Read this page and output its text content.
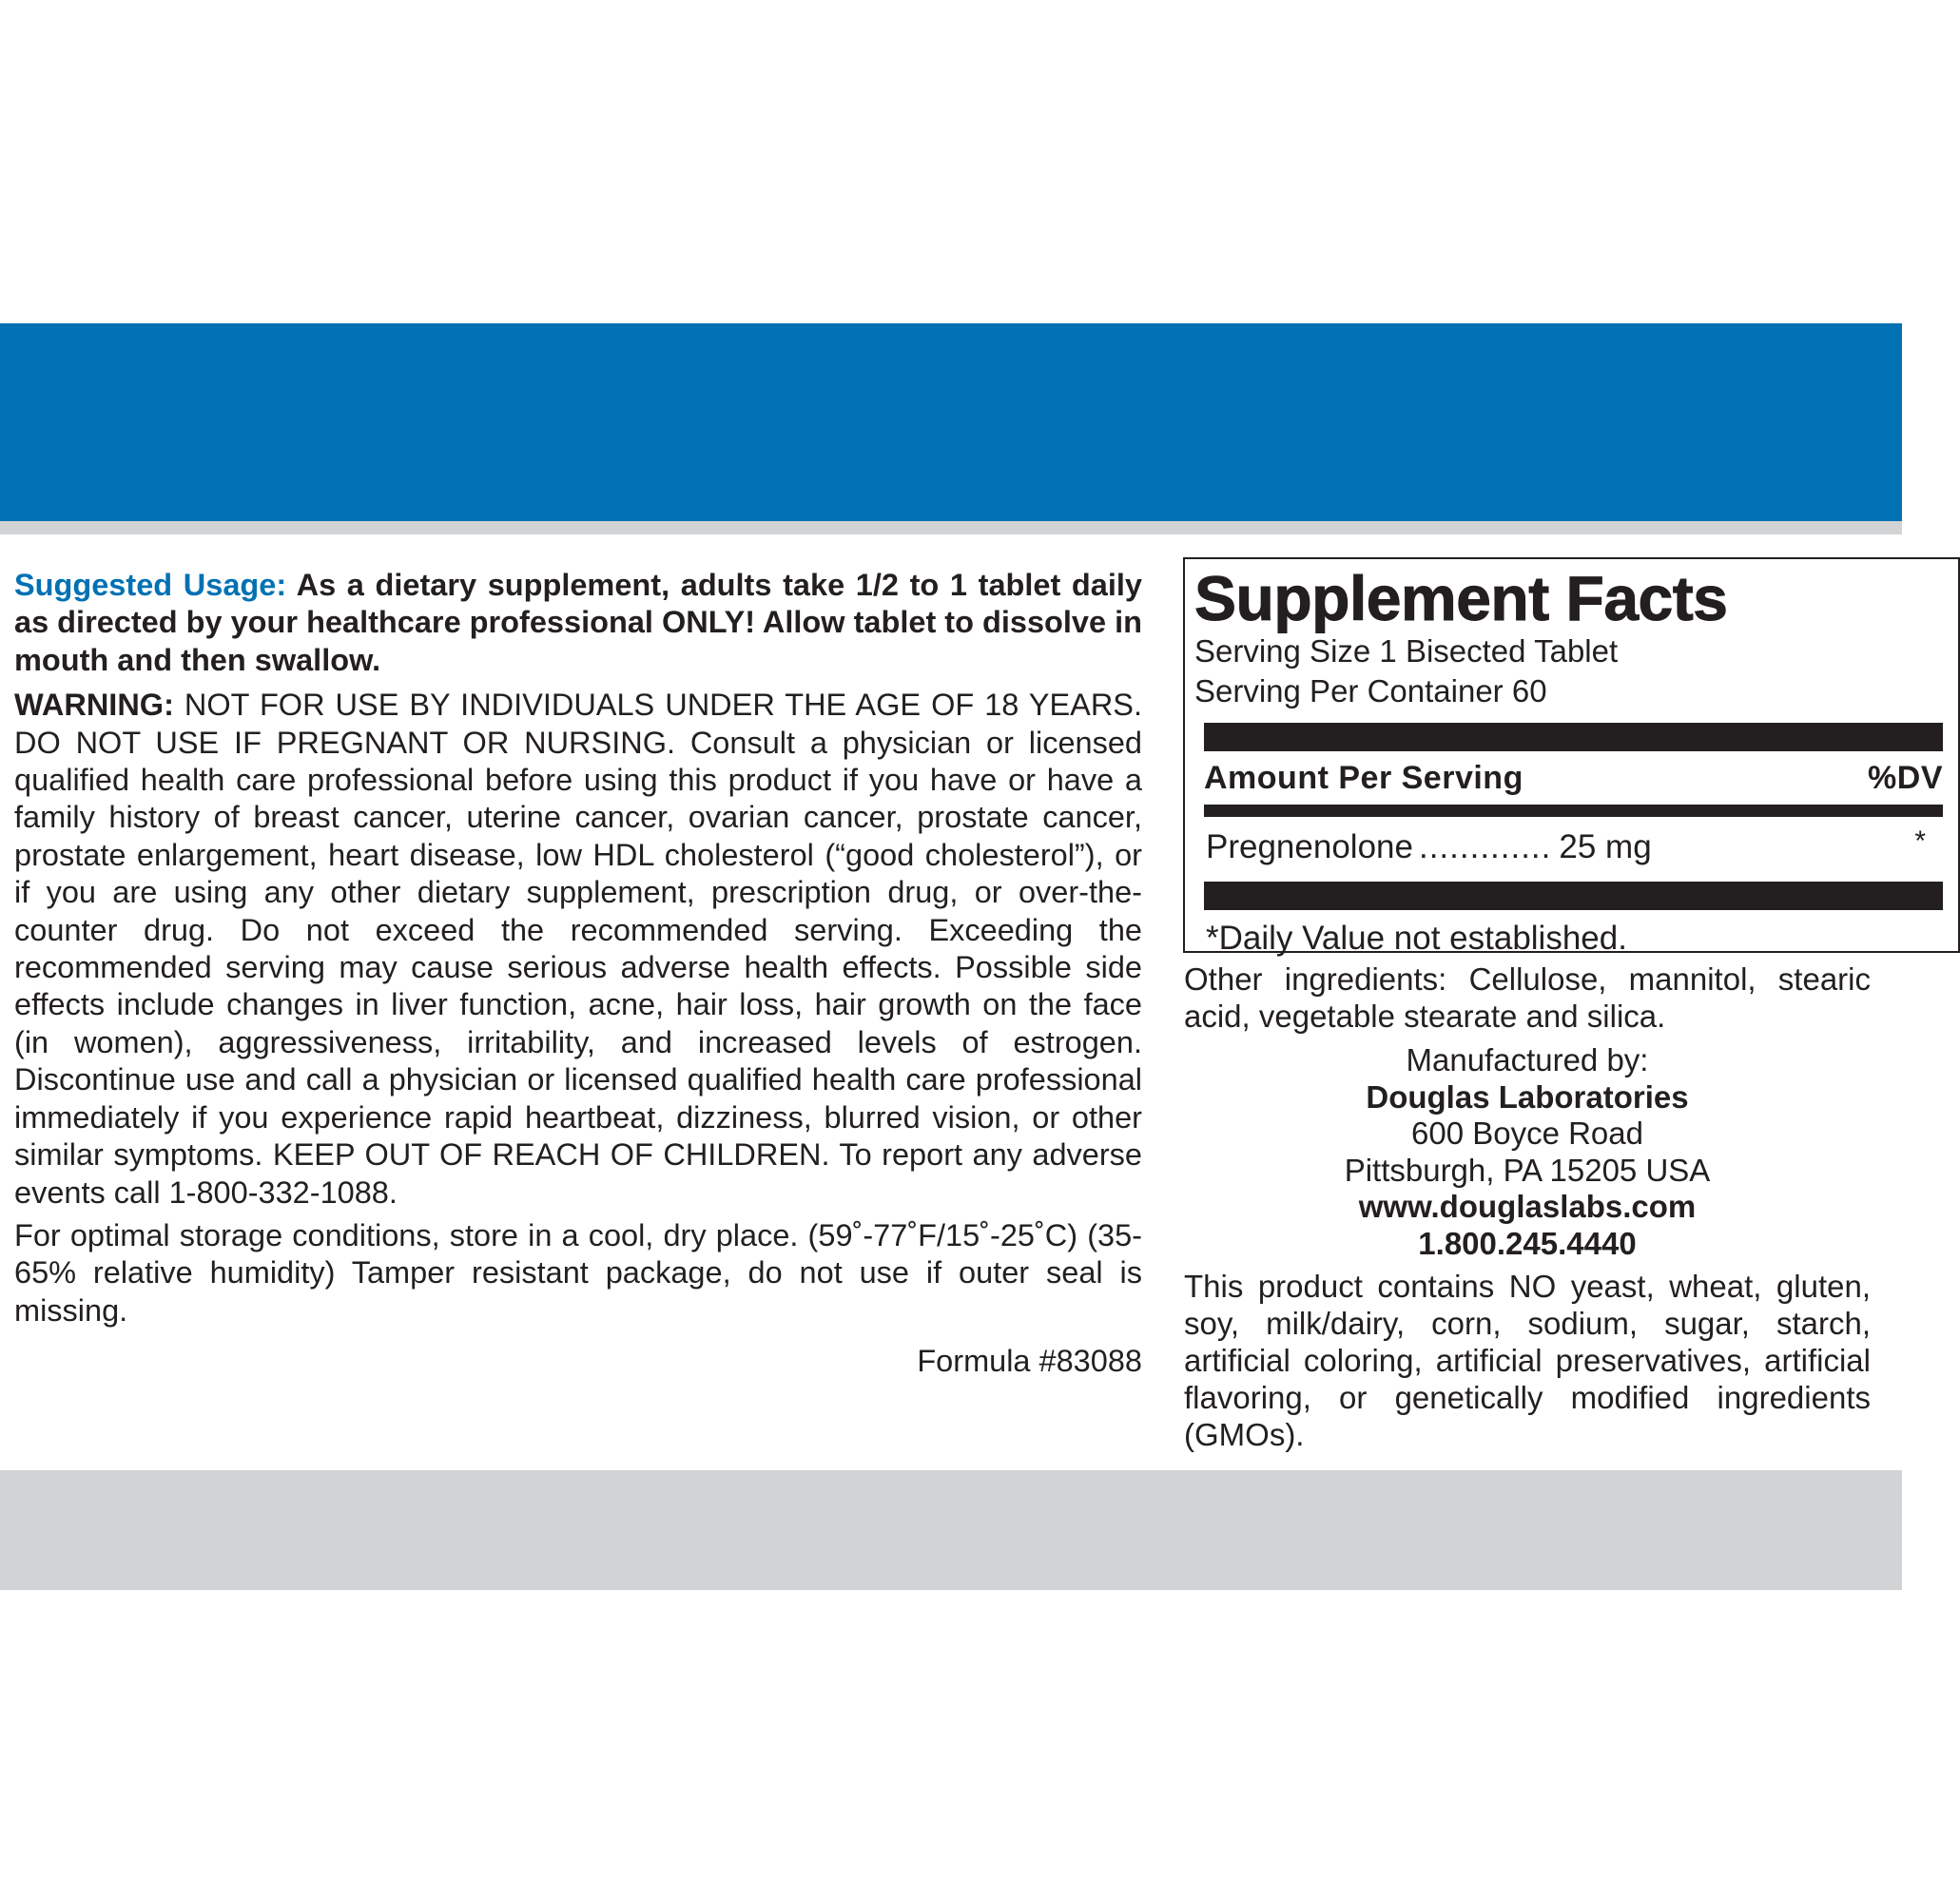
Suggested Usage: As a dietary supplement, adults take 1/2 to 1 tablet daily as directed by your healthcare professional ONLY! Allow tablet to dissolve in mouth and then swallow.

WARNING: NOT FOR USE BY INDIVIDUALS UNDER THE AGE OF 18 YEARS. DO NOT USE IF PREGNANT OR NURSING. Consult a physician or licensed qualified health care professional before using this product if you have or have a family history of breast cancer, uterine cancer, ovarian cancer, prostate cancer, prostate enlargement, heart disease, low HDL cholesterol (“good cholesterol”), or if you are using any other dietary supplement, prescription drug, or over-the-counter drug. Do not exceed the recommended serving. Exceeding the recommended serving may cause serious adverse health effects. Possible side effects include changes in liver function, acne, hair loss, hair growth on the face (in women), aggressiveness, irritability, and increased levels of estrogen. Discontinue use and call a physician or licensed qualified health care professional immediately if you experience rapid heartbeat, dizziness, blurred vision, or other similar symptoms. KEEP OUT OF REACH OF CHILDREN. To report any adverse events call 1-800-332-1088.

For optimal storage conditions, store in a cool, dry place. (59˚-77˚F/15˚-25˚C) (35-65% relative humidity) Tamper resistant package, do not use if outer seal is missing.

Formula #83088

Supplement Facts
Serving Size 1 Bisected Tablet
Serving Per Container 60
Amount Per Serving	%DV
Pregnenolone ............. 25 mg	*
*Daily Value not established.

Other ingredients: Cellulose, mannitol, stearic acid, vegetable stearate and silica.

Manufactured by:
Douglas Laboratories
600 Boyce Road
Pittsburgh, PA 15205 USA
www.douglaslabs.com
1.800.245.4440

This product contains NO yeast, wheat, gluten, soy, milk/dairy, corn, sodium, sugar, starch, artificial coloring, artificial preservatives, artificial flavoring, or genetically modified ingredients (GMOs).
